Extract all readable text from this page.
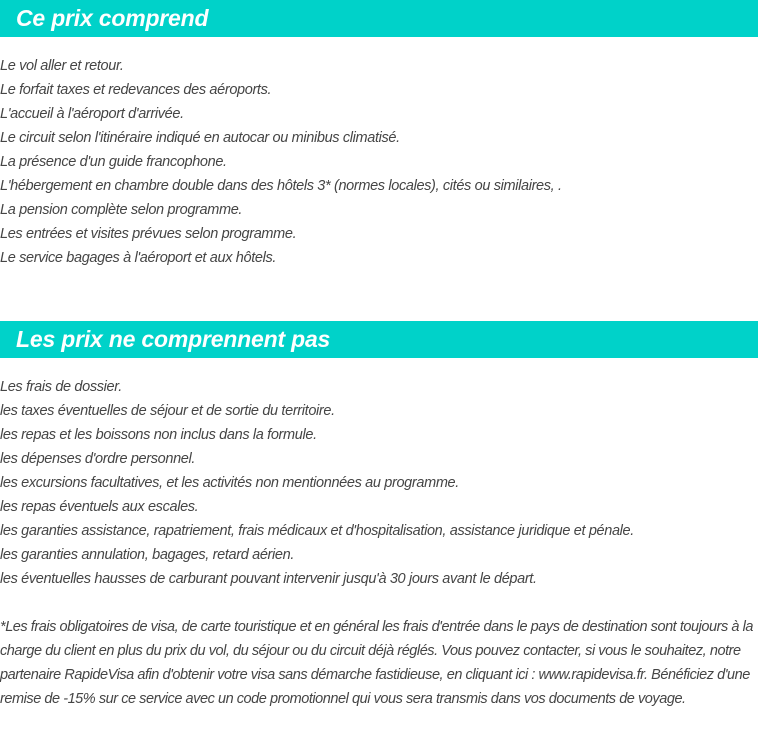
Ce prix comprend
Le vol aller et retour.
Le forfait taxes et redevances des aéroports.
L'accueil à l'aéroport d'arrivée.
Le circuit selon l'itinéraire indiqué en autocar ou minibus climatisé.
La présence d'un guide francophone.
L'hébergement en chambre double dans des hôtels 3* (normes locales), cités ou similaires, .
La pension complète selon programme.
Les entrées et visites prévues selon programme.
Le service bagages à l'aéroport et aux hôtels.
Les prix ne comprennent pas
Les frais de dossier.
les taxes éventuelles de séjour et de sortie du territoire.
les repas et les boissons non inclus dans la formule.
les dépenses d'ordre personnel.
les excursions facultatives, et les activités non mentionnées au programme.
les repas éventuels aux escales.
les garanties assistance, rapatriement, frais médicaux et d'hospitalisation, assistance juridique et pénale.
les garanties annulation, bagages, retard aérien.
les éventuelles hausses de carburant pouvant intervenir jusqu'à 30 jours avant le départ.

*Les frais obligatoires de visa, de carte touristique et en général les frais d'entrée dans le pays de destination sont toujours à la charge du client en plus du prix du vol, du séjour ou du circuit déjà réglés. Vous pouvez contacter, si vous le souhaitez, notre partenaire RapideVisa afin d'obtenir votre visa sans démarche fastidieuse, en cliquant ici : www.rapidevisa.fr. Bénéficiez d'une remise de -15% sur ce service avec un code promotionnel qui vous sera transmis dans vos documents de voyage.
